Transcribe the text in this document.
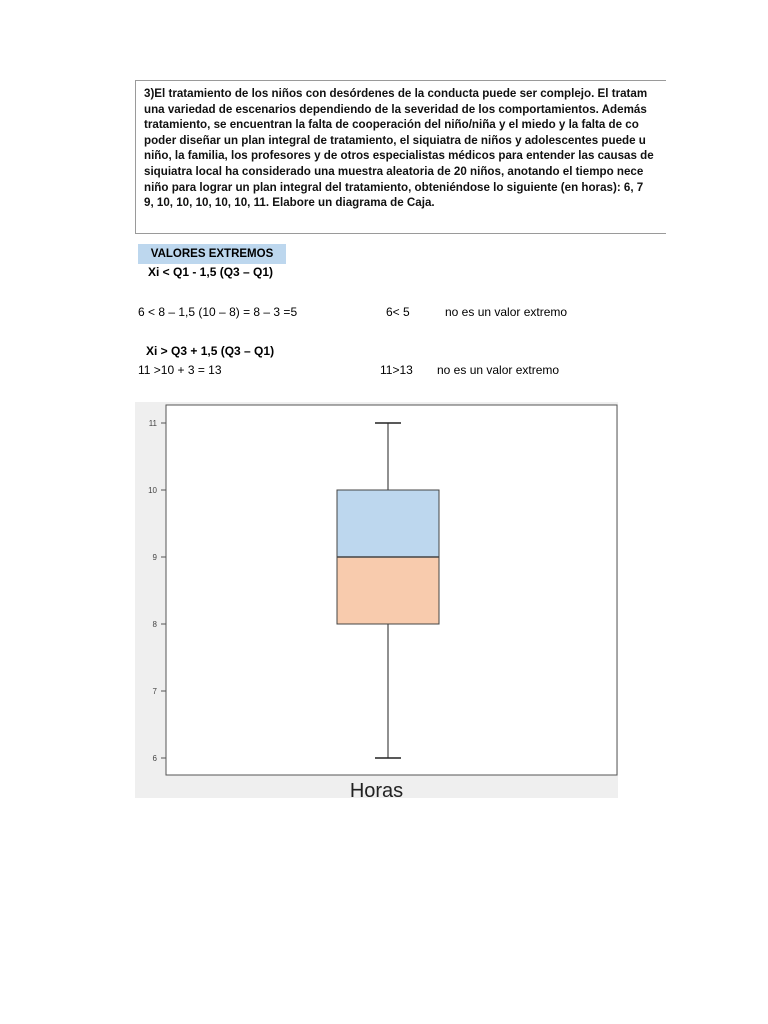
3)El tratamiento de los niños con desórdenes de la conducta puede ser complejo. El tratam
una variedad de escenarios dependiendo de la severidad de los comportamientos. Además
tratamiento, se encuentran la falta de cooperación del niño/niña y el miedo y la falta de co
poder diseñar un plan integral de tratamiento, el siquiatra de niños y adolescentes puede u
niño, la familia, los profesores y de otros especialistas médicos para entender las causas de
siquiatra local ha considerado una muestra aleatoria de 20 niños, anotando el tiempo nece
niño para lograr un plan integral del tratamiento, obteniéndose lo siguiente (en horas): 6, 7
9, 10, 10, 10, 10, 10, 11. Elabore un diagrama de Caja.
VALORES EXTREMOS
Xi < Q1 - 1,5 (Q3 – Q1)
6 < 8 – 1,5 (10 – 8) = 8 – 3 =5	6< 5	no es un valor extremo
Xi > Q3 + 1,5 (Q3 – Q1)
11 >10 + 3 = 13	11>13 no es un valor extremo
6
7
8
9
10
11
Horas
